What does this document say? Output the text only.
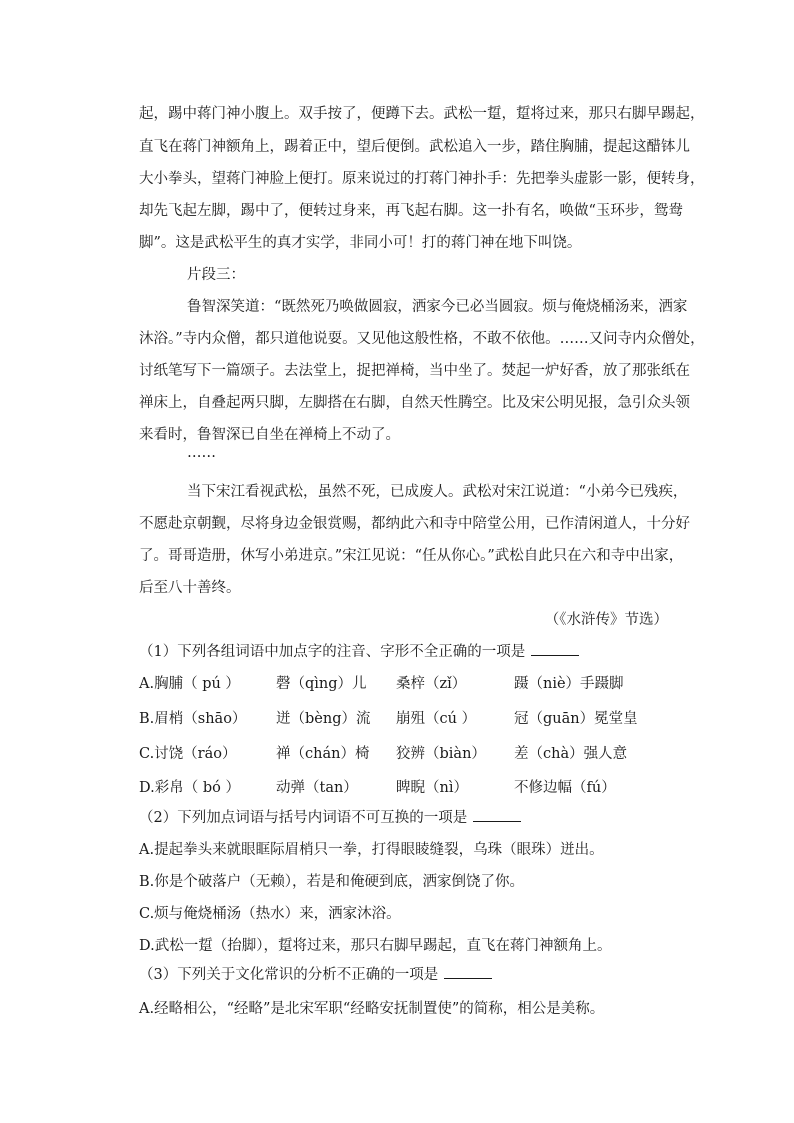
起，踢中蒋门神小腹上。双手按了，便蹲下去。武松一踅，踅将过来，那只右脚早踢起，
直飞在蒋门神额角上，踢着正中，望后便倒。武松追入一步，踏住胸脯，提起这醋钵儿
大小拳头，望蒋门神脸上便打。原来说过的打蒋门神扑手：先把拳头虚影一影，便转身，
却先飞起左脚，踢中了，便转过身来，再飞起右脚。这一扑有名，唤做“玉环步，鸳鸯
脚”。这是武松平生的真才实学，非同小可！打的蒋门神在地下叫饶。
片段三：
鲁智深笑道：“既然死乃唤做圆寂，洒家今已必当圆寂。烦与俺烧桶汤来，洒家
沐浴。”寺内众僧，都只道他说耍。又见他这般性格，不敢不依他。……又问寺内众僧处，
讨纸笔写下一篇颂子。去法堂上，捉把禅椅，当中坐了。焚起一炉好香，放了那张纸在
禅床上，自叠起两只脚，左脚搭在右脚，自然天性腾空。比及宋公明见报，急引众头领
来看时，鲁智深已自坐在禅椅上不动了。
……
当下宋江看视武松，虽然不死，已成废人。武松对宋江说道：“小弟今已残疾，
不愿赴京朝觐，尽将身边金银赏赐，都纳此六和寺中陪堂公用，已作清闲道人，十分好
了。哥哥造册，休写小弟进京。”宋江见说：“任从你心。”武松自此只在六和寺中出家，
后至八十善终。
（《水浒传》节选）
（1）下列各组词语中加点字的注音、字形不全正确的一项是
A.胸脯（ pú ） 磬（qìng）儿 桑梓（zǐ）	蹑（niè）手蹑脚
B.眉梢（shāo） 迸（bèng）流 崩殂（cú ）	冠（guān）冕堂皇
C.讨饶（ráo）	禅（chán）椅 狡辨（biàn） 差（chà）强人意
D.彩帛（ bó ） 动弹（tan）	睥睨（nì）	不修边幅（fú）
（2）下列加点词语与括号内词语不可互换的一项是
A.提起拳头来就眼眶际眉梢只一拳，打得眼睖缝裂，乌珠（眼珠）迸出。
B.你是个破落户（无赖），若是和俺硬到底，洒家倒饶了你。
C.烦与俺烧桶汤（热水）来，洒家沐浴。
D.武松一踅（抬脚），踅将过来，那只右脚早踢起，直飞在蒋门神额角上。
（3）下列关于文化常识的分析不正确的一项是
A.经略相公，“经略”是北宋军职“经略安抚制置使”的简称，相公是美称。
